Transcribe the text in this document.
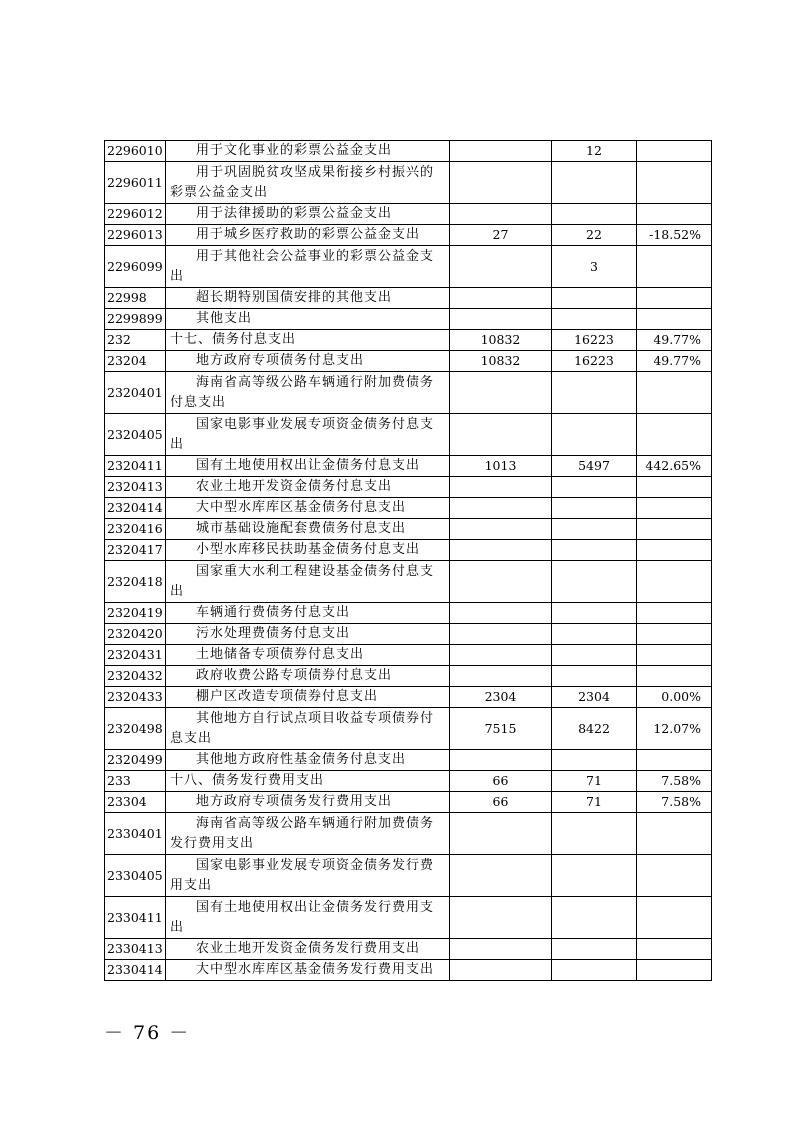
2296010	用于文化事业的彩票公益金支出		12	
2296011	用于巩固脱贫攻坚成果衔接乡村振兴的彩票公益金支出			
2296012	用于法律援助的彩票公益金支出			
2296013	用于城乡医疗救助的彩票公益金支出	27	22	-18.52%
2296099	用于其他社会公益事业的彩票公益金支出		3	
22998	超长期特别国债安排的其他支出			
2299899	其他支出			
232	十七、债务付息支出	10832	16223	49.77%
23204	地方政府专项债务付息支出	10832	16223	49.77%
2320401	海南省高等级公路车辆通行附加费债务付息支出			
2320405	国家电影事业发展专项资金债务付息支出			
2320411	国有土地使用权出让金债务付息支出	1013	5497	442.65%
2320413	农业土地开发资金债务付息支出			
2320414	大中型水库库区基金债务付息支出			
2320416	城市基础设施配套费债务付息支出			
2320417	小型水库移民扶助基金债务付息支出			
2320418	国家重大水利工程建设基金债务付息支出			
2320419	车辆通行费债务付息支出			
2320420	污水处理费债务付息支出			
2320431	土地储备专项债券付息支出			
2320432	政府收费公路专项债券付息支出			
2320433	棚户区改造专项债券付息支出	2304	2304	0.00%
2320498	其他地方自行试点项目收益专项债券付息支出	7515	8422	12.07%
2320499	其他地方政府性基金债务付息支出			
233	十八、债务发行费用支出	66	71	7.58%
23304	地方政府专项债务发行费用支出	66	71	7.58%
2330401	海南省高等级公路车辆通行附加费债务发行费用支出			
2330405	国家电影事业发展专项资金债务发行费用支出			
2330411	国有土地使用权出让金债务发行费用支出			
2330413	农业土地开发资金债务发行费用支出			
2330414	大中型水库库区基金债务发行费用支出			
－ 76 －
